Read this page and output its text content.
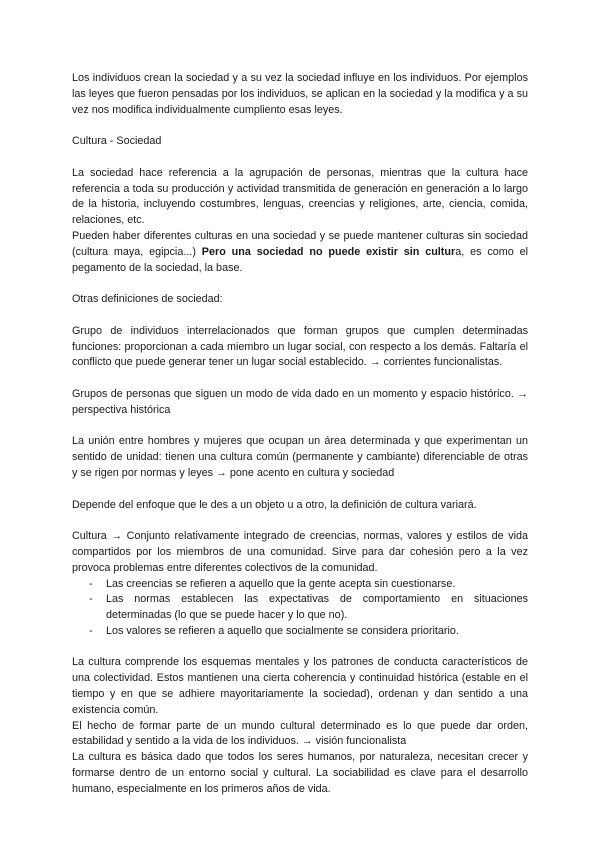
Los individuos crean la sociedad y a su vez la sociedad influye en los individuos. Por ejemplos las leyes que fueron pensadas por los individuos, se aplican en la sociedad y la modifica y a su vez nos modifica individualmente cumpliento esas leyes.

Cultura - Sociedad

La sociedad hace referencia a la agrupación de personas, mientras que la cultura hace referencia a toda su producción y actividad transmitida de generación en generación a lo largo de la historia, incluyendo costumbres, lenguas, creencias y religiones, arte, ciencia, comida, relaciones, etc.

Pueden haber diferentes culturas en una sociedad y se puede mantener culturas sin sociedad (cultura maya, egipcia...) Pero una sociedad no puede existir sin cultura, es como el pegamento de la sociedad, la base.

Otras definiciones de sociedad:

Grupo de individuos interrelacionados que forman grupos que cumplen determinadas funciones: proporcionan a cada miembro un lugar social, con respecto a los demás. Faltaría el conflicto que puede generar tener un lugar social establecido. → corrientes funcionalistas.

Grupos de personas que siguen un modo de vida dado en un momento y espacio histórico. → perspectiva histórica

La unión entre hombres y mujeres que ocupan un área determinada y que experimentan un sentido de unidad: tienen una cultura común (permanente y cambiante) diferenciable de otras y se rigen por normas y leyes → pone acento en cultura y sociedad

Depende del enfoque que le des a un objeto u a otro, la definición de cultura variará.

Cultura → Conjunto relativamente integrado de creencias, normas, valores y estilos de vida compartidos por los miembros de una comunidad. Sirve para dar cohesión pero a la vez provoca problemas entre diferentes colectivos de la comunidad.

- Las creencias se refieren a aquello que la gente acepta sin cuestionarse.
- Las normas establecen las expectativas de comportamiento en situaciones determinadas (lo que se puede hacer y lo que no).
- Los valores se refieren a aquello que socialmente se considera prioritario.

La cultura comprende los esquemas mentales y los patrones de conducta característicos de una colectividad. Estos mantienen una cierta coherencia y continuidad histórica (estable en el tiempo y en que se adhiere mayoritariamente la sociedad), ordenan y dan sentido a una existencia común.

El hecho de formar parte de un mundo cultural determinado es lo que puede dar orden, estabilidad y sentido a la vida de los individuos. → visión funcionalista

La cultura es básica dado que todos los seres humanos, por naturaleza, necesitan crecer y formarse dentro de un entorno social y cultural. La sociabilidad es clave para el desarrollo humano, especialmente en los primeros años de vida.
